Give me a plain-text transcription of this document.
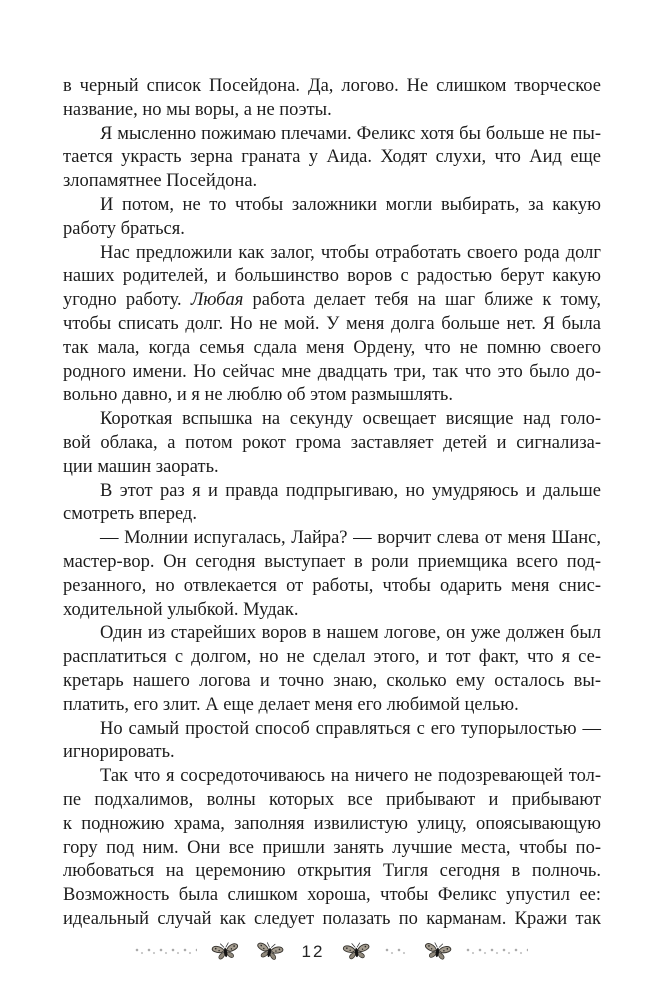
в черный список Посейдона. Да, логово. Не слишком творческое
название, но мы воры, а не поэты.
Я мысленно пожимаю плечами. Феликс хотя бы больше не пы-
тается украсть зерна граната у Аида. Ходят слухи, что Аид еще
злопамятнее Посейдона.
И потом, не то чтобы заложники могли выбирать, за какую
работу браться.
Нас предложили как залог, чтобы отработать своего рода долг
наших родителей, и большинство воров с радостью берут какую
угодно работу. Любая работа делает тебя на шаг ближе к тому,
чтобы списать долг. Но не мой. У меня долга больше нет. Я была
так мала, когда семья сдала меня Ордену, что не помню своего
родного имени. Но сейчас мне двадцать три, так что это было до-
вольно давно, и я не люблю об этом размышлять.
Короткая вспышка на секунду освещает висящие над голо-
вой облака, а потом рокот грома заставляет детей и сигнализа-
ции машин заорать.
В этот раз я и правда подпрыгиваю, но умудряюсь и дальше
смотреть вперед.
— Молнии испугалась, Лайра? — ворчит слева от меня Шанс,
мастер-вор. Он сегодня выступает в роли приемщика всего под-
резанного, но отвлекается от работы, чтобы одарить меня снис-
ходительной улыбкой. Мудак.
Один из старейших воров в нашем логове, он уже должен был
расплатиться с долгом, но не сделал этого, и тот факт, что я се-
кретарь нашего логова и точно знаю, сколько ему осталось вы-
платить, его злит. А еще делает меня его любимой целью.
Но самый простой способ справляться с его тупорылостью —
игнорировать.
Так что я сосредоточиваюсь на ничего не подозревающей тол-
пе подхалимов, волны которых все прибывают и прибывают
к подножию храма, заполняя извилистую улицу, опоясывающую
гору под ним. Они все пришли занять лучшие места, чтобы по-
любоваться на церемонию открытия Тигля сегодня в полночь.
Возможность была слишком хороша, чтобы Феликс упустил ее:
идеальный случай как следует полазать по карманам. Кражи так
12
